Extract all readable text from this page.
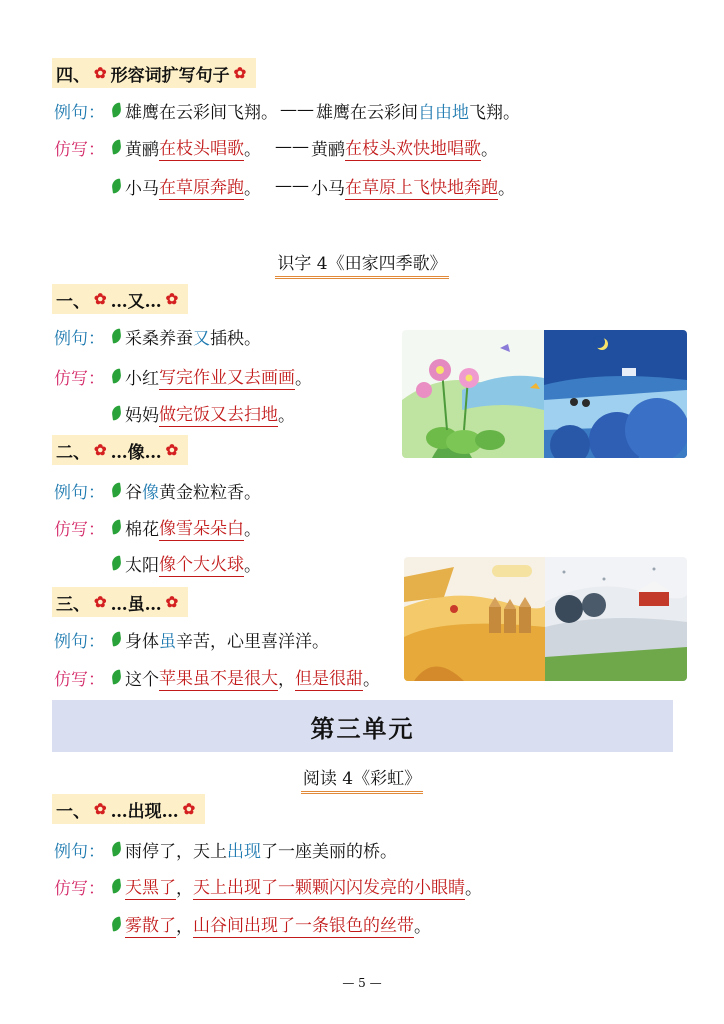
四、 ✿ 形容词扩写句子 ✿
例句：	雄鹰在云彩间飞翔。 —— 雄鹰在云彩间 自由地 飞翔。
仿写：	黄鹂 在枝头唱歌 。 —— 黄鹂 在枝头欢快地唱歌 。
小马 在草原奔跑 。 —— 小马 在草原上飞快地奔跑 。
识字 4《田家四季歌》
一、 ✿ …又… ✿
例句：	采桑养蚕 又 插秧。
仿写：	小红 写完作业又去画画 。
妈妈 做完饭又去扫地 。
二、 ✿ …像… ✿
例句：	谷 像 黄金粒粒香。
仿写：	棉花 像雪朵朵白 。
太阳 像个大火球 。
三、 ✿ …虽… ✿
例句：	身体 虽 辛苦，心里喜洋洋。
仿写：	这个 苹果虽不是很大 ， 但是很甜 。
第三单元
阅读 4《彩虹》
一、 ✿ …出现… ✿
例句：	雨停了，天上 出现 了一座美丽的桥。
仿写：	天黑了 ， 天上出现了一颗颗闪闪发亮的小眼睛 。
雾散了 ， 山谷间出现了一条银色的丝带 。
— 5 —
